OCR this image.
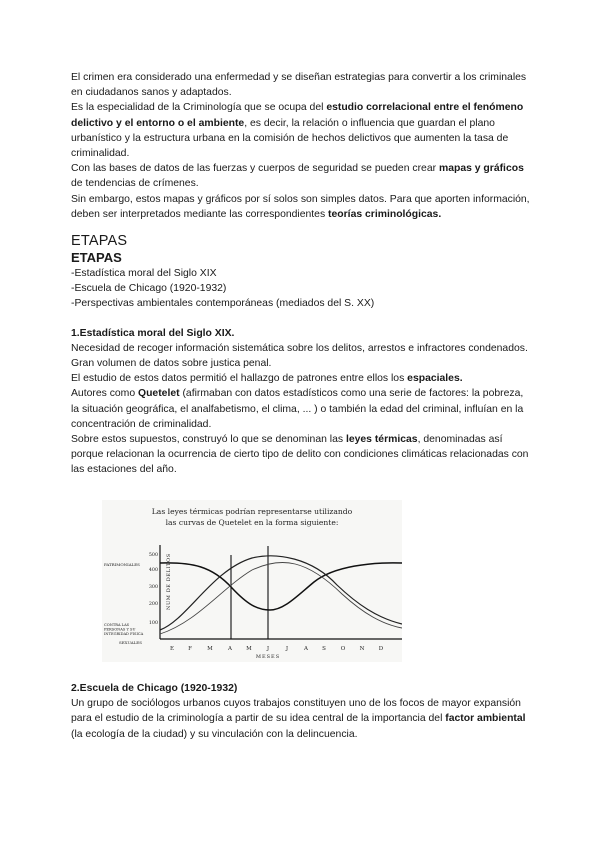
El crimen era considerado una enfermedad y se diseñan estrategias para convertir a los criminales en ciudadanos sanos y adaptados.

Es la especialidad de la Criminología que se ocupa del estudio correlacional entre el fenómeno delictivo y el entorno o el ambiente, es decir, la relación o influencia que guardan el plano urbanístico y la estructura urbana en la comisión de hechos delictivos que aumenten la tasa de criminalidad.

Con las bases de datos de las fuerzas y cuerpos de seguridad se pueden crear mapas y gráficos de tendencias de crímenes.

Sin embargo, estos mapas y gráficos por sí solos son simples datos. Para que aporten información, deben ser interpretados mediante las correspondientes teorías criminológicas.

ETAPAS
ETAPAS

-Estadística moral del Siglo XIX

-Escuela de Chicago (1920-1932)

-Perspectivas ambientales contemporáneas (mediados del S. XX)

1.Estadística moral del Siglo XIX.

Necesidad de recoger información sistemática sobre los delitos, arrestos e infractores condenados. Gran volumen de datos sobre justica penal.

El estudio de estos datos permitió el hallazgo de patrones entre ellos los espaciales.

Autores como Quetelet (afirmaban con datos estadísticos como una serie de factores: la pobreza, la situación geográfica, el analfabetismo, el clima, ... ) o también la edad del criminal, influían en la concentración de criminalidad.

Sobre estos supuestos, construyó lo que se denominan las leyes térmicas, denominadas así porque relacionan la ocurrencia de cierto tipo de delito con condiciones climáticas relacionadas con las estaciones del año.

Las leyes térmicas podrían representarse utilizando
las curvas de Quetelet en la forma siguiente:
500
400
300
200
100
NUM DE DELITOS
PATRIMONIALES
CONTRA LAS
PERSONAS Y SU
INTEGRIDAD FISICA
SEXUALES
E	F	M	A	M	J	J	A	S	O	N	D
MESES

2.Escuela de Chicago (1920-1932)

Un grupo de sociólogos urbanos cuyos trabajos constituyen uno de los focos de mayor expansión para el estudio de la criminología a partir de su idea central de la importancia del factor ambiental (la ecología de la ciudad) y su vinculación con la delincuencia.
